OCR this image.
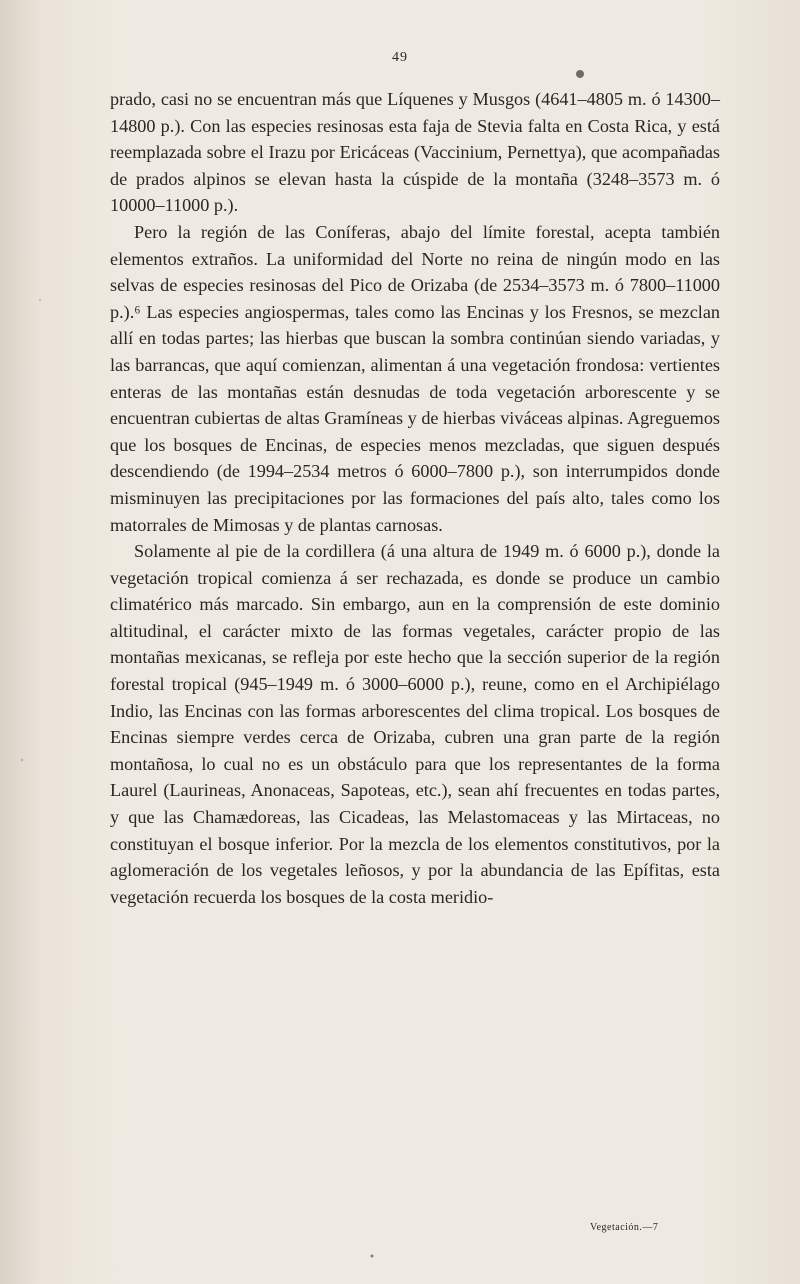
49

prado, casi no se encuentran más que Líquenes y Musgos (4641–4805 m. ó 14300–14800 p.). Con las especies resinosas esta faja de Stevia falta en Costa Rica, y está reemplazada sobre el Irazu por Ericáceas (Vaccinium, Pernettya), que acompañadas de prados alpinos se elevan hasta la cúspide de la montaña (3248–3573 m. ó 10000–11000 p.).

Pero la región de las Coníferas, abajo del límite forestal, acepta también elementos extraños. La uniformidad del Norte no reina de ningún modo en las selvas de especies resinosas del Pico de Orizaba (de 2534–3573 m. ó 7800–11000 p.).⁶ Las especies angiospermas, tales como las Encinas y los Fresnos, se mezclan allí en todas partes; las hierbas que buscan la sombra continúan siendo variadas, y las barrancas, que aquí comienzan, alimentan á una vegetación frondosa: vertientes enteras de las montañas están desnudas de toda vegetación arborescente y se encuentran cubiertas de altas Gramíneas y de hierbas viváceas alpinas. Agreguemos que los bosques de Encinas, de especies menos mezcladas, que siguen después descendiendo (de 1994–2534 metros ó 6000–7800 p.), son interrumpidos donde misminuyen las precipitaciones por las formaciones del país alto, tales como los matorrales de Mimosas y de plantas carnosas.

Solamente al pie de la cordillera (á una altura de 1949 m. ó 6000 p.), donde la vegetación tropical comienza á ser rechazada, es donde se produce un cambio climatérico más marcado. Sin embargo, aun en la comprensión de este dominio altitudinal, el carácter mixto de las formas vegetales, carácter propio de las montañas mexicanas, se refleja por este hecho que la sección superior de la región forestal tropical (945–1949 m. ó 3000–6000 p.), reune, como en el Archipiélago Indio, las Encinas con las formas arborescentes del clima tropical. Los bosques de Encinas siempre verdes cerca de Orizaba, cubren una gran parte de la región montañosa, lo cual no es un obstáculo para que los representantes de la forma Laurel (Laurineas, Anonaceas, Sapoteas, etc.), sean ahí frecuentes en todas partes, y que las Chamædoreas, las Cicadeas, las Melastomaceas y las Mirtaceas, no constituyan el bosque inferior. Por la mezcla de los elementos constitutivos, por la aglomeración de los vegetales leñosos, y por la abundancia de las Epífitas, esta vegetación recuerda los bosques de la costa meridio-

Vegetación.—7
